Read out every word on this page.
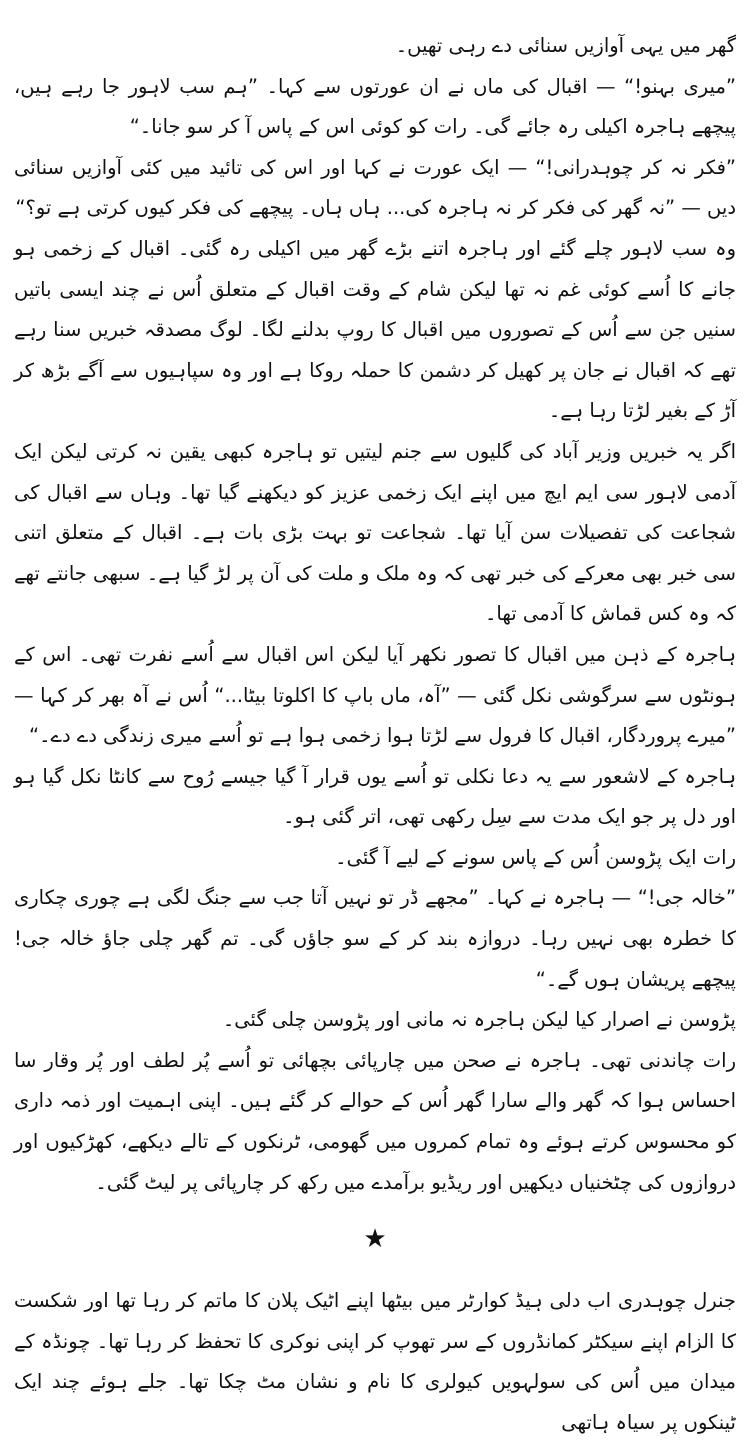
گھر میں یہی آوازیں سنائی دے رہی تھیں۔

”میری بہنو!“ — اقبال کی ماں نے ان عورتوں سے کہا۔ ”ہم سب لاہور جا رہے ہیں، پیچھے ہاجرہ اکیلی رہ جائے گی۔ رات کو کوئی اس کے پاس آ کر سو جانا۔“

”فکر نہ کر چوہدرانی!“ — ایک عورت نے کہا اور اس کی تائید میں کئی آوازیں سنائی دیں — ”نہ گھر کی فکر کر نہ ہاجرہ کی... ہاں ہاں۔ پیچھے کی فکر کیوں کرتی ہے تو؟“

وہ سب لاہور چلے گئے اور ہاجرہ اتنے بڑے گھر میں اکیلی رہ گئی۔ اقبال کے زخمی ہو جانے کا اُسے کوئی غم نہ تھا لیکن شام کے وقت اقبال کے متعلق اُس نے چند ایسی باتیں سنیں جن سے اُس کے تصوروں میں اقبال کا روپ بدلنے لگا۔ لوگ مصدقہ خبریں سنا رہے تھے کہ اقبال نے جان پر کھیل کر دشمن کا حملہ روکا ہے اور وہ سپاہیوں سے آگے بڑھ کر آڑ کے بغیر لڑتا رہا ہے۔

اگر یہ خبریں وزیر آباد کی گلیوں سے جنم لیتیں تو ہاجرہ کبھی یقین نہ کرتی لیکن ایک آدمی لاہور سی ایم ایچ میں اپنے ایک زخمی عزیز کو دیکھنے گیا تھا۔ وہاں سے اقبال کی شجاعت کی تفصیلات سن آیا تھا۔ شجاعت تو بہت بڑی بات ہے۔ اقبال کے متعلق اتنی سی خبر بھی معرکے کی خبر تھی کہ وہ ملک و ملت کی آن پر لڑ گیا ہے۔ سبھی جانتے تھے کہ وہ کس قماش کا آدمی تھا۔

ہاجرہ کے ذہن میں اقبال کا تصور نکھر آیا لیکن اس اقبال سے اُسے نفرت تھی۔ اس کے ہونٹوں سے سرگوشی نکل گئی — ”آہ، ماں باپ کا اکلوتا بیٹا...“ اُس نے آہ بھر کر کہا — ”میرے پروردگار، اقبال کا فرول سے لڑتا ہوا زخمی ہوا ہے تو اُسے میری زندگی دے دے۔“

ہاجرہ کے لاشعور سے یہ دعا نکلی تو اُسے یوں قرار آ گیا جیسے رُوح سے کانٹا نکل گیا ہو اور دل پر جو ایک مدت سے سِل رکھی تھی، اتر گئی ہو۔

رات ایک پڑوسن اُس کے پاس سونے کے لیے آ گئی۔

”خالہ جی!“ — ہاجرہ نے کہا۔ ”مجھے ڈر تو نہیں آتا جب سے جنگ لگی ہے چوری چکاری کا خطرہ بھی نہیں رہا۔ دروازہ بند کر کے سو جاؤں گی۔ تم گھر چلی جاؤ خالہ جی! پیچھے پریشان ہوں گے۔“

پڑوسن نے اصرار کیا لیکن ہاجرہ نہ مانی اور پڑوسن چلی گئی۔

رات چاندنی تھی۔ ہاجرہ نے صحن میں چارپائی بچھائی تو اُسے پُر لطف اور پُر وقار سا احساس ہوا کہ گھر والے سارا گھر اُس کے حوالے کر گئے ہیں۔ اپنی اہمیت اور ذمہ داری کو محسوس کرتے ہوئے وہ تمام کمروں میں گھومی، ٹرنکوں کے تالے دیکھے، کھڑکیوں اور دروازوں کی چٹخنیاں دیکھیں اور ریڈیو برآمدے میں رکھ کر چارپائی پر لیٹ گئی۔

★

جنرل چوہدری اب دلی ہیڈ کوارٹر میں بیٹھا اپنے اٹیک پلان کا ماتم کر رہا تھا اور شکست کا الزام اپنے سیکٹر کمانڈروں کے سر تھوپ کر اپنی نوکری کا تحفظ کر رہا تھا۔ چونڈہ کے میدان میں اُس کی سولہویں کیولری کا نام و نشان مٹ چکا تھا۔ جلے ہوئے چند ایک ٹینکوں پر سیاہ ہاتھی
